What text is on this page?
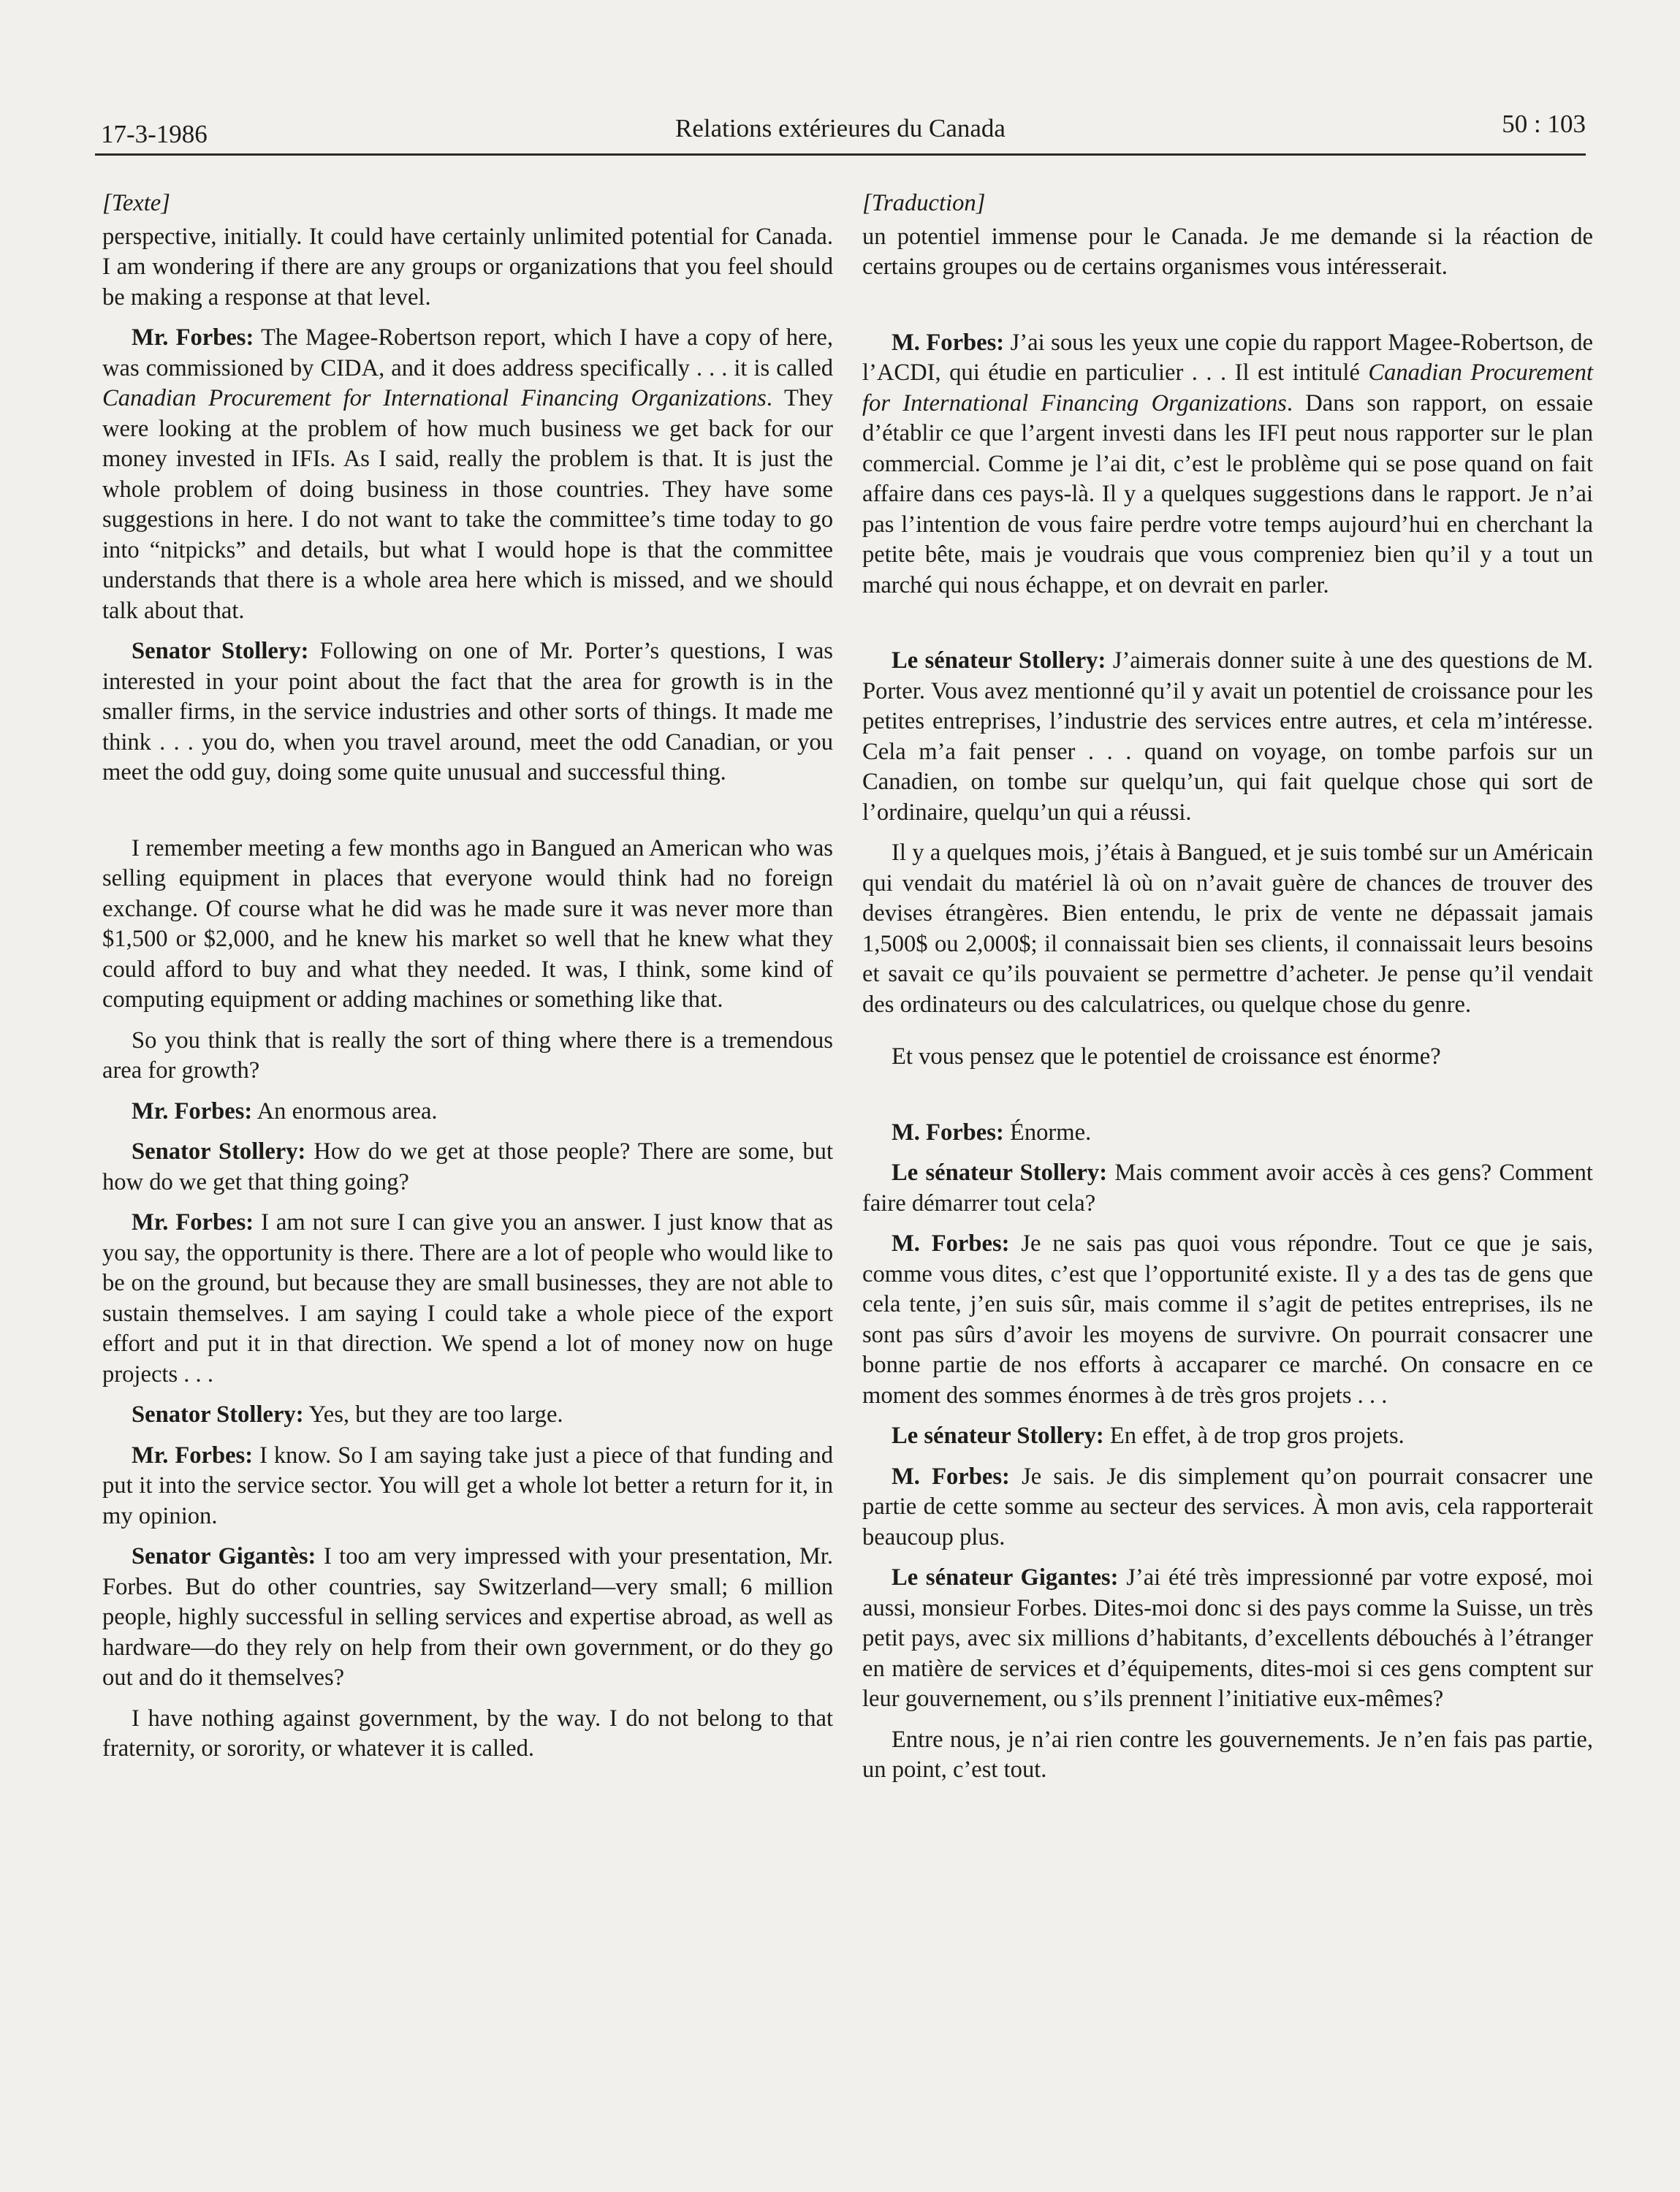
17-3-1986	Relations extérieures du Canada	50 : 103

[Texte]

perspective, initially. It could have certainly unlimited potential for Canada. I am wondering if there are any groups or organizations that you feel should be making a response at that level.

Mr. Forbes: The Magee-Robertson report, which I have a copy of here, was commissioned by CIDA, and it does address specifically . . . it is called Canadian Procurement for International Financing Organizations. They were looking at the problem of how much business we get back for our money invested in IFIs. As I said, really the problem is that. It is just the whole problem of doing business in those countries. They have some suggestions in here. I do not want to take the committee’s time today to go into “nitpicks” and details, but what I would hope is that the committee understands that there is a whole area here which is missed, and we should talk about that.

Senator Stollery: Following on one of Mr. Porter’s questions, I was interested in your point about the fact that the area for growth is in the smaller firms, in the service industries and other sorts of things. It made me think . . . you do, when you travel around, meet the odd Canadian, or you meet the odd guy, doing some quite unusual and successful thing.

I remember meeting a few months ago in Bangued an American who was selling equipment in places that everyone would think had no foreign exchange. Of course what he did was he made sure it was never more than $1,500 or $2,000, and he knew his market so well that he knew what they could afford to buy and what they needed. It was, I think, some kind of computing equipment or adding machines or something like that.

So you think that is really the sort of thing where there is a tremendous area for growth?

Mr. Forbes: An enormous area.

Senator Stollery: How do we get at those people? There are some, but how do we get that thing going?

Mr. Forbes: I am not sure I can give you an answer. I just know that as you say, the opportunity is there. There are a lot of people who would like to be on the ground, but because they are small businesses, they are not able to sustain themselves. I am saying I could take a whole piece of the export effort and put it in that direction. We spend a lot of money now on huge projects . . .

Senator Stollery: Yes, but they are too large.

Mr. Forbes: I know. So I am saying take just a piece of that funding and put it into the service sector. You will get a whole lot better a return for it, in my opinion.

Senator Gigantès: I too am very impressed with your presentation, Mr. Forbes. But do other countries, say Switzerland—very small; 6 million people, highly successful in selling services and expertise abroad, as well as hardware—do they rely on help from their own government, or do they go out and do it themselves?

I have nothing against government, by the way. I do not belong to that fraternity, or sorority, or whatever it is called.

[Traduction]

un potentiel immense pour le Canada. Je me demande si la réaction de certains groupes ou de certains organismes vous intéresserait.

M. Forbes: J’ai sous les yeux une copie du rapport Magee-Robertson, de l’ACDI, qui étudie en particulier . . . Il est intitulé Canadian Procurement for International Financing Organizations. Dans son rapport, on essaie d’établir ce que l’argent investi dans les IFI peut nous rapporter sur le plan commercial. Comme je l’ai dit, c’est le problème qui se pose quand on fait affaire dans ces pays-là. Il y a quelques suggestions dans le rapport. Je n’ai pas l’intention de vous faire perdre votre temps aujourd’hui en cherchant la petite bête, mais je voudrais que vous compreniez bien qu’il y a tout un marché qui nous échappe, et on devrait en parler.

Le sénateur Stollery: J’aimerais donner suite à une des questions de M. Porter. Vous avez mentionné qu’il y avait un potentiel de croissance pour les petites entreprises, l’industrie des services entre autres, et cela m’intéresse. Cela m’a fait penser . . . quand on voyage, on tombe parfois sur un Canadien, on tombe sur quelqu’un, qui fait quelque chose qui sort de l’ordinaire, quelqu’un qui a réussi.

Il y a quelques mois, j’étais à Bangued, et je suis tombé sur un Américain qui vendait du matériel là où on n’avait guère de chances de trouver des devises étrangères. Bien entendu, le prix de vente ne dépassait jamais 1,500$ ou 2,000$; il connaissait bien ses clients, il connaissait leurs besoins et savait ce qu’ils pouvaient se permettre d’acheter. Je pense qu’il vendait des ordinateurs ou des calculatrices, ou quelque chose du genre.

Et vous pensez que le potentiel de croissance est énorme?

M. Forbes: Énorme.

Le sénateur Stollery: Mais comment avoir accès à ces gens? Comment faire démarrer tout cela?

M. Forbes: Je ne sais pas quoi vous répondre. Tout ce que je sais, comme vous dites, c’est que l’opportunité existe. Il y a des tas de gens que cela tente, j’en suis sûr, mais comme il s’agit de petites entreprises, ils ne sont pas sûrs d’avoir les moyens de survivre. On pourrait consacrer une bonne partie de nos efforts à accaparer ce marché. On consacre en ce moment des sommes énormes à de très gros projets . . .

Le sénateur Stollery: En effet, à de trop gros projets.

M. Forbes: Je sais. Je dis simplement qu’on pourrait consacrer une partie de cette somme au secteur des services. À mon avis, cela rapporterait beaucoup plus.

Le sénateur Gigantes: J’ai été très impressionné par votre exposé, moi aussi, monsieur Forbes. Dites-moi donc si des pays comme la Suisse, un très petit pays, avec six millions d’habitants, d’excellents débouchés à l’étranger en matière de services et d’équipements, dites-moi si ces gens comptent sur leur gouvernement, ou s’ils prennent l’initiative eux-mêmes?

Entre nous, je n’ai rien contre les gouvernements. Je n’en fais pas partie, un point, c’est tout.
